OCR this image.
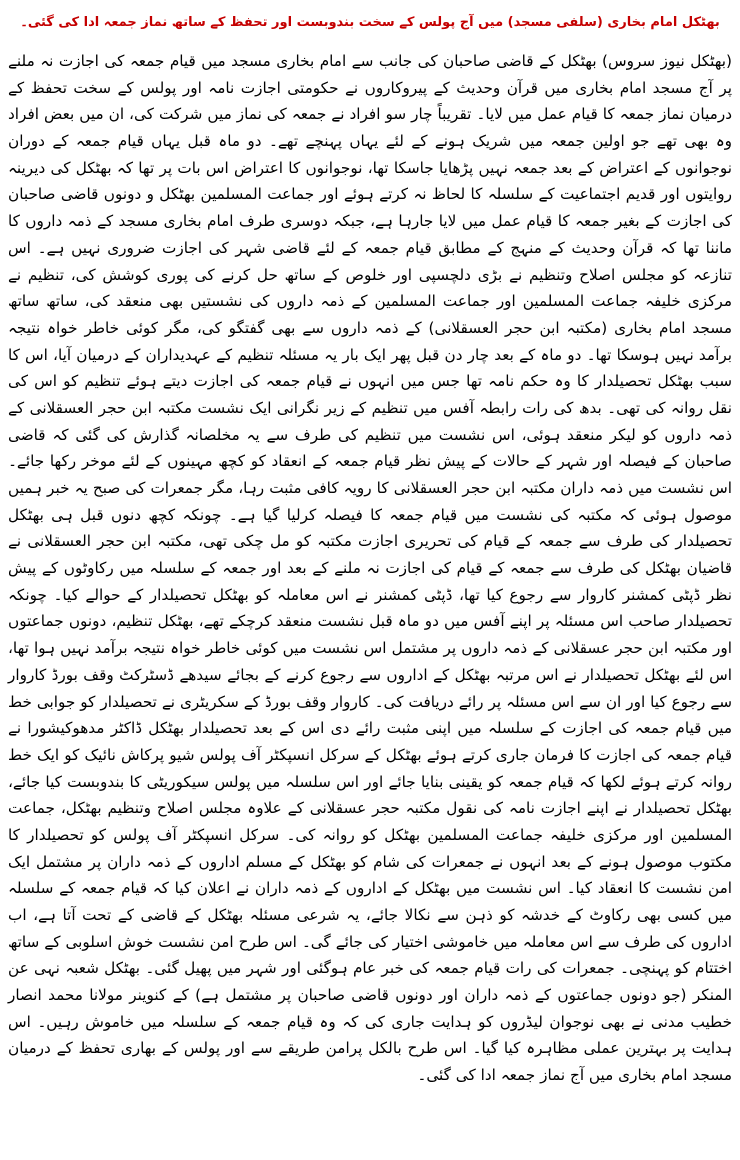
بھٹکل امام بخاری (سلفی مسجد) میں آج پولس کے سخت بندوبست اور تحفظ کے ساتھ نماز جمعہ ادا کی گئی۔

(بھٹکل نیوز سروس) بھٹکل کے قاضی صاحبان کی جانب سے امام بخاری مسجد میں قیام جمعہ کی اجازت نہ ملنے پر آج مسجد امام بخاری میں قرآن وحدیث کے پیروکاروں نے حکومتی اجازت نامہ اور پولس کے سخت تحفظ کے درمیان نماز جمعہ کا قیام عمل میں لایا۔ تقریباً چار سو افراد نے جمعہ کی نماز میں شرکت کی، ان میں بعض افراد وہ بھی تھے جو اولین جمعہ میں شریک ہونے کے لئے یہاں پہنچے تھے۔ دو ماہ قبل یہاں قیام جمعہ کے دوران نوجوانوں کے اعتراض کے بعد جمعہ نہیں پڑھایا جاسکا تھا، نوجوانوں کا اعتراض اس بات پر تھا کہ بھٹکل کی دیرینہ روایتوں اور قدیم اجتماعیت کے سلسلہ کا لحاظ نہ کرتے ہوئے اور جماعت المسلمین بھٹکل و دونوں قاضی صاحبان کی اجازت کے بغیر جمعہ کا قیام عمل میں لایا جارہا ہے، جبکہ دوسری طرف امام بخاری مسجد کے ذمہ داروں کا ماننا تھا کہ قرآن وحدیث کے منہج کے مطابق قیام جمعہ کے لئے قاضی شہر کی اجازت ضروری نہیں ہے۔ اس تنازعہ کو مجلس اصلاح وتنظیم نے بڑی دلچسپی اور خلوص کے ساتھ حل کرنے کی پوری کوشش کی، تنظیم نے مرکزی خلیفہ جماعت المسلمین اور جماعت المسلمین کے ذمہ داروں کی نشستیں بھی منعقد کی، ساتھ ساتھ مسجد امام بخاری (مکتبہ ابن حجر العسقلانی) کے ذمہ داروں سے بھی گفتگو کی، مگر کوئی خاطر خواہ نتیجہ برآمد نہیں ہوسکا تھا۔ دو ماہ کے بعد چار دن قبل پھر ایک بار یہ مسئلہ تنظیم کے عہدیداران کے درمیان آیا، اس کا سبب بھٹکل تحصیلدار کا وہ حکم نامہ تھا جس میں انہوں نے قیام جمعہ کی اجازت دیتے ہوئے تنظیم کو اس کی نقل روانہ کی تھی۔ بدھ کی رات رابطہ آفس میں تنظیم کے زیر نگرانی ایک نشست مکتبہ ابن حجر العسقلانی کے ذمہ داروں کو لیکر منعقد ہوئی، اس نشست میں تنظیم کی طرف سے یہ مخلصانہ گذارش کی گئی کہ قاضی صاحبان کے فیصلہ اور شہر کے حالات کے پیش نظر قیام جمعہ کے انعقاد کو کچھ مہینوں کے لئے موخر رکھا جائے۔ اس نشست میں ذمہ داران مکتبہ ابن حجر العسقلانی کا رویہ کافی مثبت رہا، مگر جمعرات کی صبح یہ خبر ہمیں موصول ہوئی کہ مکتبہ کی نشست میں قیام جمعہ کا فیصلہ کرلیا گیا ہے۔ چونکہ کچھ دنوں قبل ہی بھٹکل تحصیلدار کی طرف سے جمعہ کے قیام کی تحریری اجازت مکتبہ کو مل چکی تھی، مکتبہ ابن حجر العسقلانی نے قاضیان بھٹکل کی طرف سے جمعہ کے قیام کی اجازت نہ ملنے کے بعد اور جمعہ کے سلسلہ میں رکاوٹوں کے پیش نظر ڈپٹی کمشنر کاروار سے رجوع کیا تھا، ڈپٹی کمشنر نے اس معاملہ کو بھٹکل تحصیلدار کے حوالے کیا۔ چونکہ تحصیلدار صاحب اس مسئلہ پر اپنے آفس میں دو ماہ قبل نشست منعقد کرچکے تھے، بھٹکل تنظیم، دونوں جماعتوں اور مکتبہ ابن حجر عسقلانی کے ذمہ داروں پر مشتمل اس نشست میں کوئی خاطر خواہ نتیجہ برآمد نہیں ہوا تھا، اس لئے بھٹکل تحصیلدار نے اس مرتبہ بھٹکل کے اداروں سے رجوع کرنے کے بجائے سیدھے ڈسٹرکٹ وقف بورڈ کاروار سے رجوع کیا اور ان سے اس مسئلہ پر رائے دریافت کی۔ کاروار وقف بورڈ کے سکریٹری نے تحصیلدار کو جوابی خط میں قیام جمعہ کی اجازت کے سلسلہ میں اپنی مثبت رائے دی اس کے بعد تحصیلدار بھٹکل ڈاکٹر مدھوکیشورا نے قیام جمعہ کی اجازت کا فرمان جاری کرتے ہوئے بھٹکل کے سرکل انسپکٹر آف پولس شیو پرکاش نائیک کو ایک خط روانہ کرتے ہوئے لکھا کہ قیام جمعہ کو یقینی بنایا جائے اور اس سلسلہ میں پولس سیکوریٹی کا بندوبست کیا جائے، بھٹکل تحصیلدار نے اپنے اجازت نامہ کی نقول مکتبہ حجر عسقلانی کے علاوہ مجلس اصلاح وتنظیم بھٹکل، جماعت المسلمین اور مرکزی خلیفہ جماعت المسلمین بھٹکل کو روانہ کی۔ سرکل انسپکٹر آف پولس کو تحصیلدار کا مکتوب موصول ہونے کے بعد انہوں نے جمعرات کی شام کو بھٹکل کے مسلم اداروں کے ذمہ داران پر مشتمل ایک امن نشست کا انعقاد کیا۔ اس نشست میں بھٹکل کے اداروں کے ذمہ داران نے اعلان کیا کہ قیام جمعہ کے سلسلہ میں کسی بھی رکاوٹ کے خدشہ کو ذہن سے نکالا جائے، یہ شرعی مسئلہ بھٹکل کے قاضی کے تحت آتا ہے، اب اداروں کی طرف سے اس معاملہ میں خاموشی اختیار کی جائے گی۔ اس طرح امن نشست خوش اسلوبی کے ساتھ اختتام کو پہنچی۔ جمعرات کی رات قیام جمعہ کی خبر عام ہوگئی اور شہر میں پھیل گئی۔ بھٹکل شعبہ نہی عن المنکر (جو دونوں جماعتوں کے ذمہ داران اور دونوں قاضی صاحبان پر مشتمل ہے) کے کنوینر مولانا محمد انصار خطیب مدنی نے بھی نوجوان لیڈروں کو ہدایت جاری کی کہ وہ قیام جمعہ کے سلسلہ میں خاموش رہیں۔ اس ہدایت پر بہترین عملی مظاہرہ کیا گیا۔ اس طرح بالکل پرامن طریقے سے اور پولس کے بھاری تحفظ کے درمیان مسجد امام بخاری میں آج نماز جمعہ ادا کی گئی۔
